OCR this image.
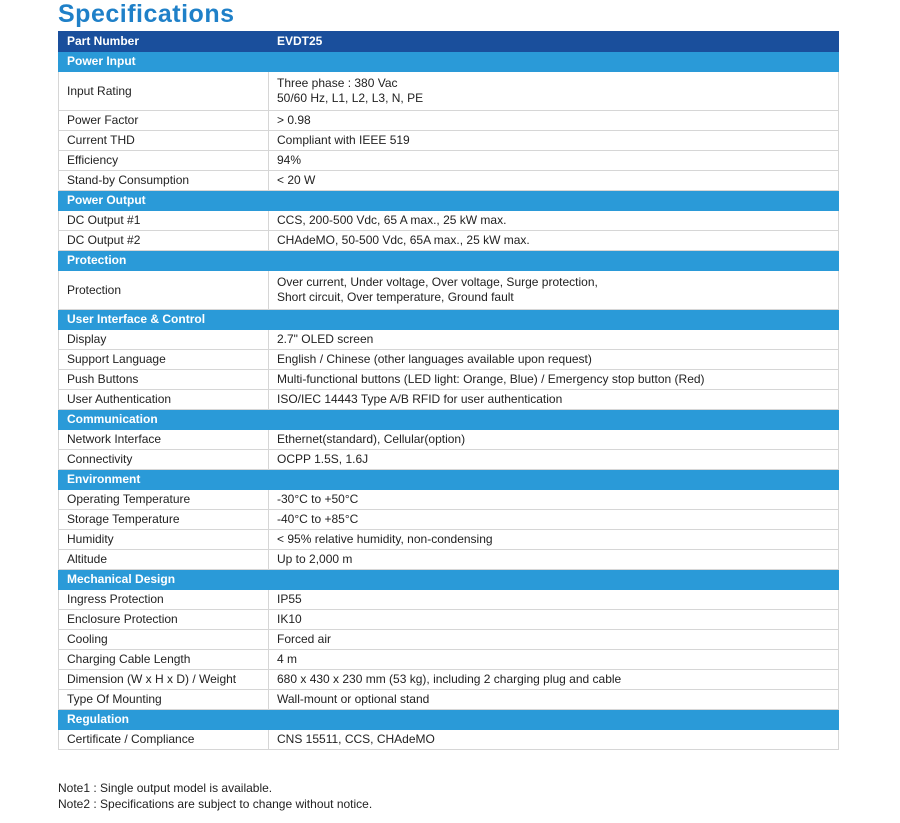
Specifications
Part Number	EVDT25
Power Input	
Input Rating	Three phase : 380 Vac
50/60 Hz, L1, L2, L3, N, PE
Power Factor	> 0.98
Current THD	Compliant with IEEE 519
Efficiency	94%
Stand-by Consumption	< 20 W
Power Output	
DC Output #1	CCS, 200-500 Vdc, 65 A max., 25 kW max.
DC Output #2	CHAdeMO, 50-500 Vdc, 65A max., 25 kW max.
Protection	
Protection	Over current, Under voltage, Over voltage, Surge protection,
Short circuit, Over temperature, Ground fault
User Interface & Control	
Display	2.7" OLED screen
Support Language	English / Chinese (other languages available upon request)
Push Buttons	Multi-functional buttons (LED light: Orange, Blue) / Emergency stop button (Red)
User Authentication	ISO/IEC 14443 Type A/B RFID for user authentication
Communication	
Network Interface	Ethernet(standard), Cellular(option)
Connectivity	OCPP 1.5S, 1.6J
Environment	
Operating Temperature	-30°C to +50°C
Storage Temperature	-40°C to +85°C
Humidity	< 95% relative humidity, non-condensing
Altitude	Up to 2,000 m
Mechanical Design	
Ingress Protection	IP55
Enclosure Protection	IK10
Cooling	Forced air
Charging Cable Length	4 m
Dimension (W x H x D) / Weight	680 x 430 x 230 mm (53 kg), including 2 charging plug and cable
Type Of Mounting	Wall-mount or optional stand
Regulation	
Certificate / Compliance	CNS 15511, CCS, CHAdeMO
Note1 : Single output model is available.
Note2 : Specifications are subject to change without notice.
